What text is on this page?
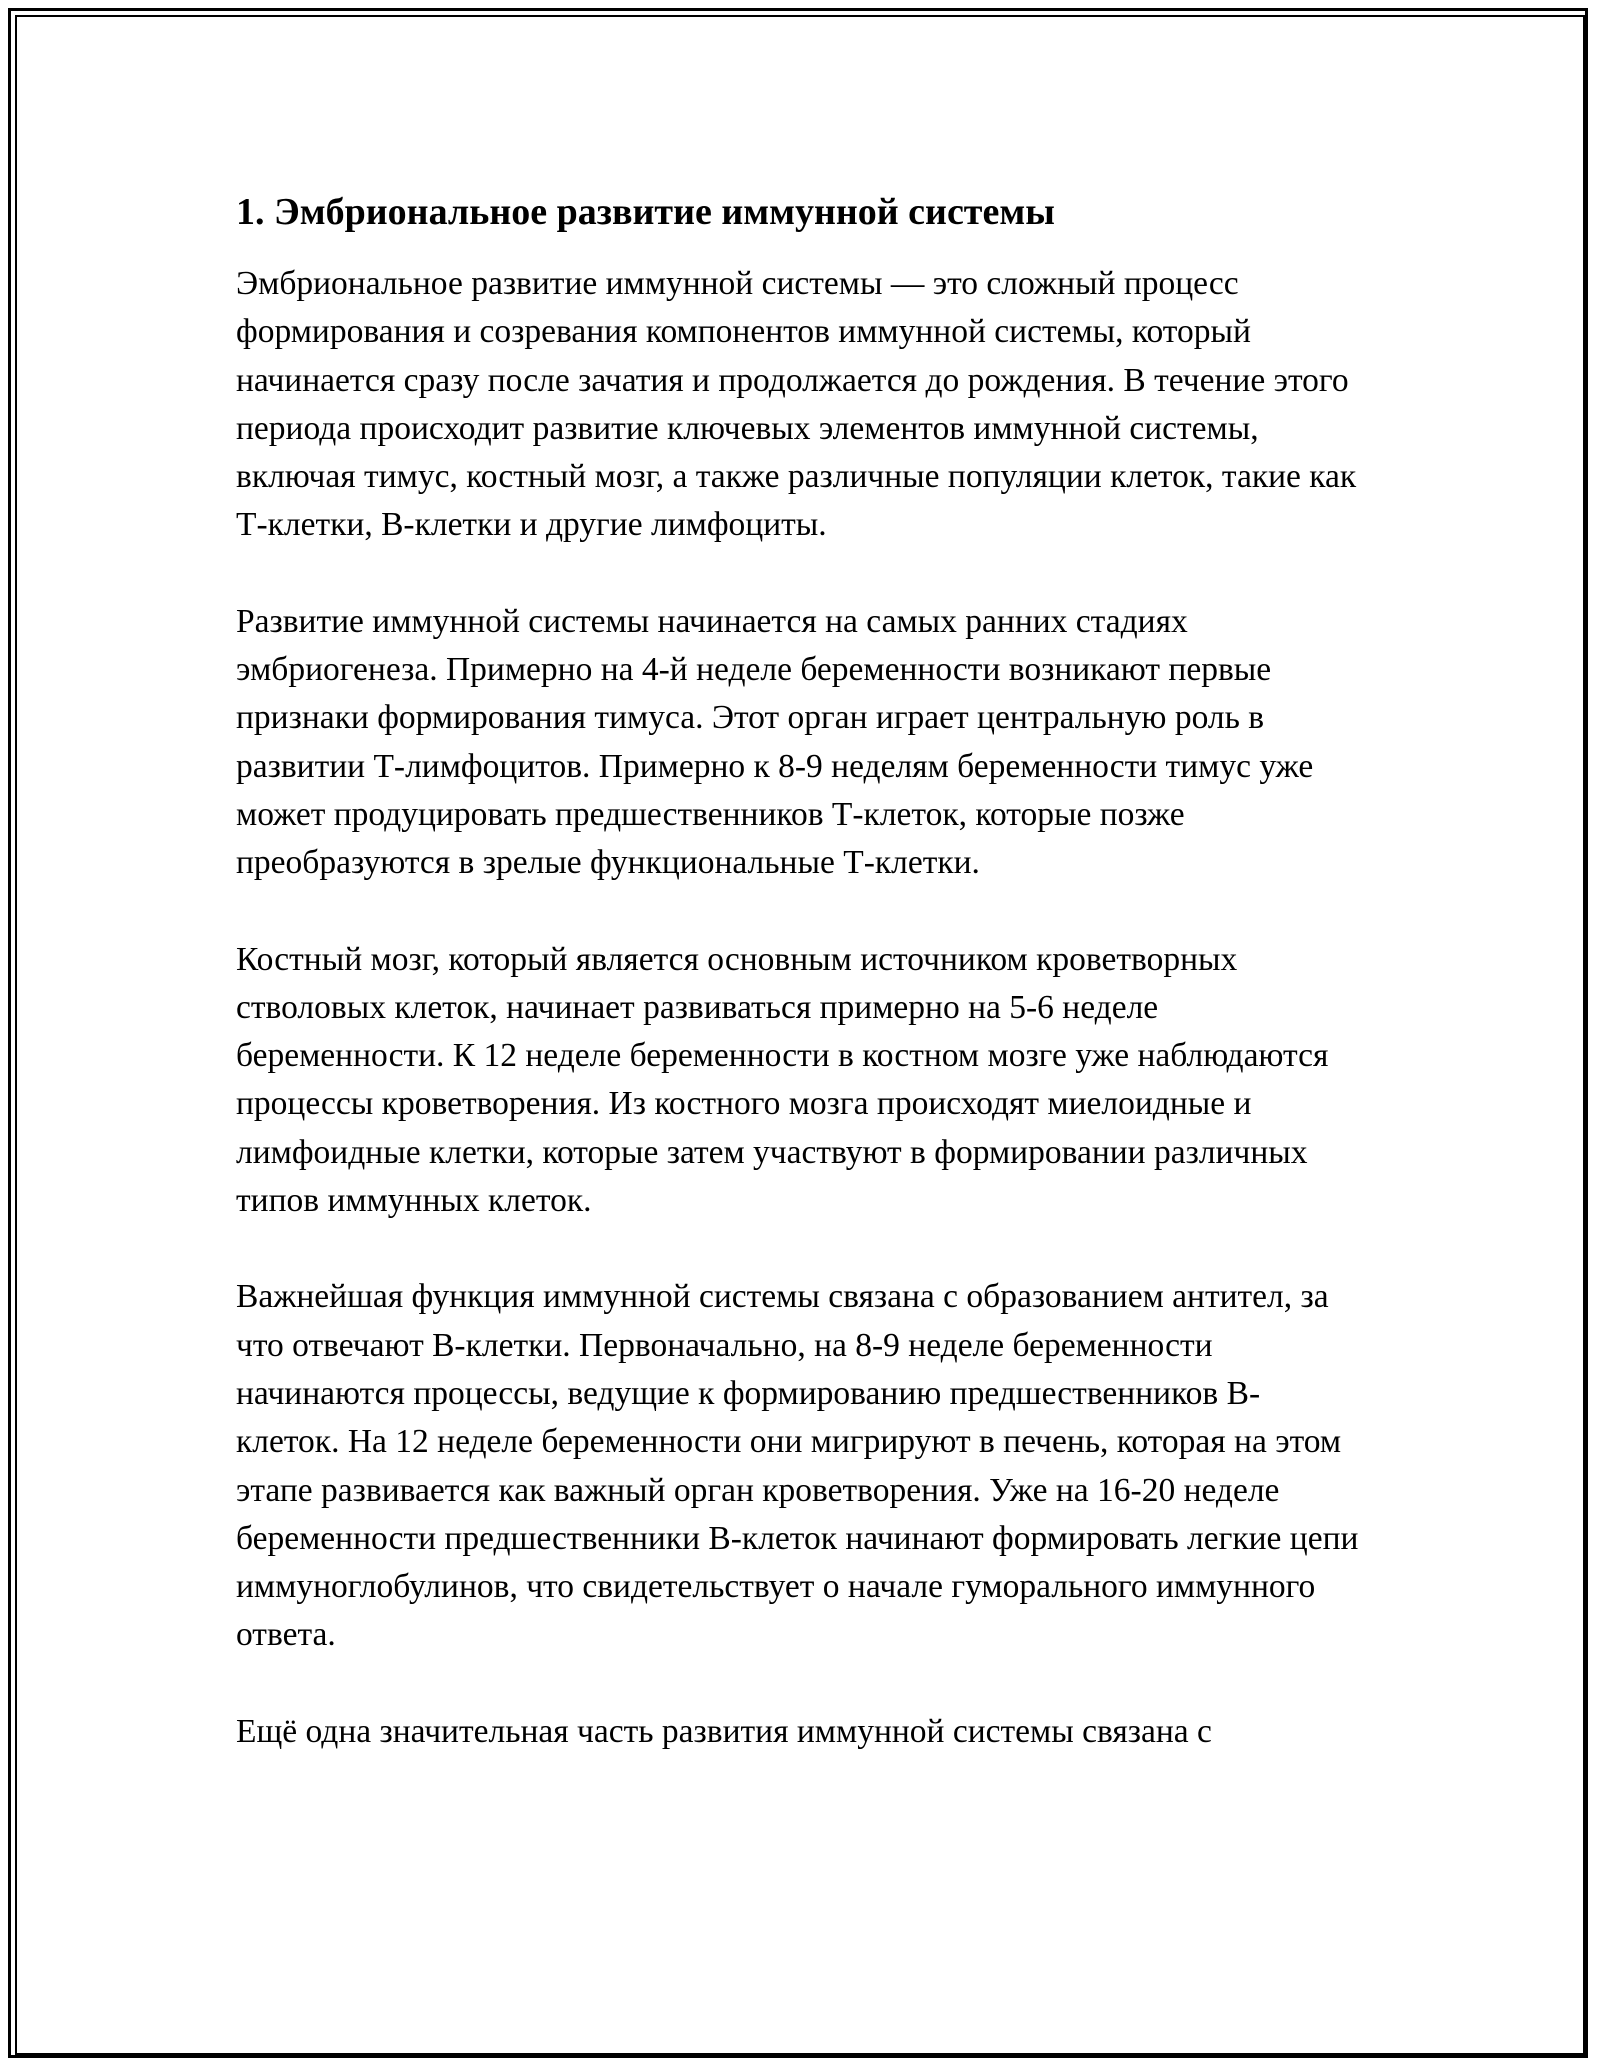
1. Эмбриональное развитие иммунной системы

Эмбриональное развитие иммунной системы — это сложный процесс формирования и созревания компонентов иммунной системы, который начинается сразу после зачатия и продолжается до рождения. В течение этого периода происходит развитие ключевых элементов иммунной системы, включая тимус, костный мозг, а также различные популяции клеток, такие как Т-клетки, В-клетки и другие лимфоциты.

Развитие иммунной системы начинается на самых ранних стадиях эмбриогенеза. Примерно на 4-й неделе беременности возникают первые признаки формирования тимуса. Этот орган играет центральную роль в развитии Т-лимфоцитов. Примерно к 8-9 неделям беременности тимус уже может продуцировать предшественников Т-клеток, которые позже преобразуются в зрелые функциональные Т-клетки.

Костный мозг, который является основным источником кроветворных стволовых клеток, начинает развиваться примерно на 5-6 неделе беременности. К 12 неделе беременности в костном мозге уже наблюдаются процессы кроветворения. Из костного мозга происходят миелоидные и лимфоидные клетки, которые затем участвуют в формировании различных типов иммунных клеток.

Важнейшая функция иммунной системы связана с образованием антител, за что отвечают В-клетки. Первоначально, на 8-9 неделе беременности начинаются процессы, ведущие к формированию предшественников В-клеток. На 12 неделе беременности они мигрируют в печень, которая на этом этапе развивается как важный орган кроветворения. Уже на 16-20 неделе беременности предшественники В-клеток начинают формировать легкие цепи иммуноглобулинов, что свидетельствует о начале гуморального иммунного ответа.

Ещё одна значительная часть развития иммунной системы связана с
